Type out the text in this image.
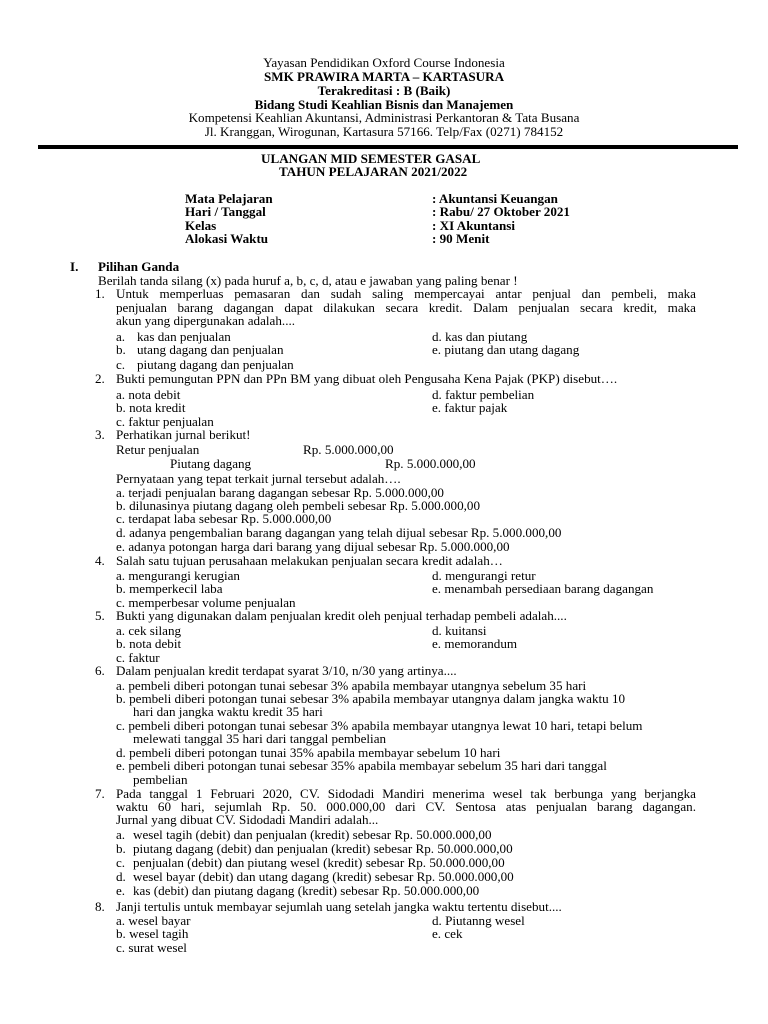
Yayasan Pendidikan Oxford Course Indonesia
SMK PRAWIRA MARTA – KARTASURA
Terakreditasi : B (Baik)
Bidang Studi Keahlian Bisnis dan Manajemen
Kompetensi Keahlian Akuntansi, Administrasi Perkantoran & Tata Busana
Jl. Kranggan, Wirogunan, Kartasura 57166. Telp/Fax (0271) 784152
ULANGAN MID SEMESTER GASAL
TAHUN PELAJARAN 2021/2022
Mata Pelajaran	: Akuntansi Keuangan
Hari / Tanggal	: Rabu/ 27 Oktober 2021
Kelas	: XI Akuntansi
Alokasi Waktu	: 90 Menit
I. Pilihan Ganda
Berilah tanda silang (x) pada huruf a, b, c, d, atau e jawaban yang paling benar !
1. Untuk memperluas pemasaran dan sudah saling mempercayai antar penjual dan pembeli, maka
penjualan barang dagangan dapat dilakukan secara kredit. Dalam penjualan secara kredit, maka
akun yang dipergunakan adalah....
a. kas dan penjualan	d. kas dan piutang
b. utang dagang dan penjualan	e. piutang dan utang dagang
c. piutang dagang dan penjualan
2. Bukti pemungutan PPN dan PPn BM yang dibuat oleh Pengusaha Kena Pajak (PKP) disebut….
a. nota debit	d. faktur pembelian
b. nota kredit	e. faktur pajak
c. faktur penjualan
3. Perhatikan jurnal berikut!
Retur penjualan	Rp. 5.000.000,00
Piutang dagang	Rp. 5.000.000,00
Pernyataan yang tepat terkait jurnal tersebut adalah….
a. terjadi penjualan barang dagangan sebesar Rp. 5.000.000,00
b. dilunasinya piutang dagang oleh pembeli sebesar Rp. 5.000.000,00
c. terdapat laba sebesar Rp. 5.000.000,00
d. adanya pengembalian barang dagangan yang telah dijual sebesar Rp. 5.000.000,00
e. adanya potongan harga dari barang yang dijual sebesar Rp. 5.000.000,00
4. Salah satu tujuan perusahaan melakukan penjualan secara kredit adalah…
a. mengurangi kerugian	d. mengurangi retur
b. memperkecil laba	e. menambah persediaan barang dagangan
c. memperbesar volume penjualan
5. Bukti yang digunakan dalam penjualan kredit oleh penjual terhadap pembeli adalah....
a. cek silang	d. kuitansi
b. nota debit	e. memorandum
c. faktur
6. Dalam penjualan kredit terdapat syarat 3/10, n/30 yang artinya....
a. pembeli diberi potongan tunai sebesar 3% apabila membayar utangnya sebelum 35 hari
b. pembeli diberi potongan tunai sebesar 3% apabila membayar utangnya dalam jangka waktu 10
hari dan jangka waktu kredit 35 hari
c. pembeli diberi potongan tunai sebesar 3% apabila membayar utangnya lewat 10 hari, tetapi belum
melewati tanggal 35 hari dari tanggal pembelian
d. pembeli diberi potongan tunai 35% apabila membayar sebelum 10 hari
e. pembeli diberi potongan tunai sebesar 35% apabila membayar sebelum 35 hari dari tanggal
pembelian
7. Pada tanggal 1 Februari 2020, CV. Sidodadi Mandiri menerima wesel tak berbunga yang berjangka
waktu 60 hari, sejumlah Rp. 50. 000.000,00 dari CV. Sentosa atas penjualan barang dagangan.
Jurnal yang dibuat CV. Sidodadi Mandiri adalah...
a. wesel tagih (debit) dan penjualan (kredit) sebesar Rp. 50.000.000,00
b. piutang dagang (debit) dan penjualan (kredit) sebesar Rp. 50.000.000,00
c. penjualan (debit) dan piutang wesel (kredit) sebesar Rp. 50.000.000,00
d. wesel bayar (debit) dan utang dagang (kredit) sebesar Rp. 50.000.000,00
e. kas (debit) dan piutang dagang (kredit) sebesar Rp. 50.000.000,00
8. Janji tertulis untuk membayar sejumlah uang setelah jangka waktu tertentu disebut....
a. wesel bayar	d. Piutanng wesel
b. wesel tagih	e. cek
c. surat wesel
